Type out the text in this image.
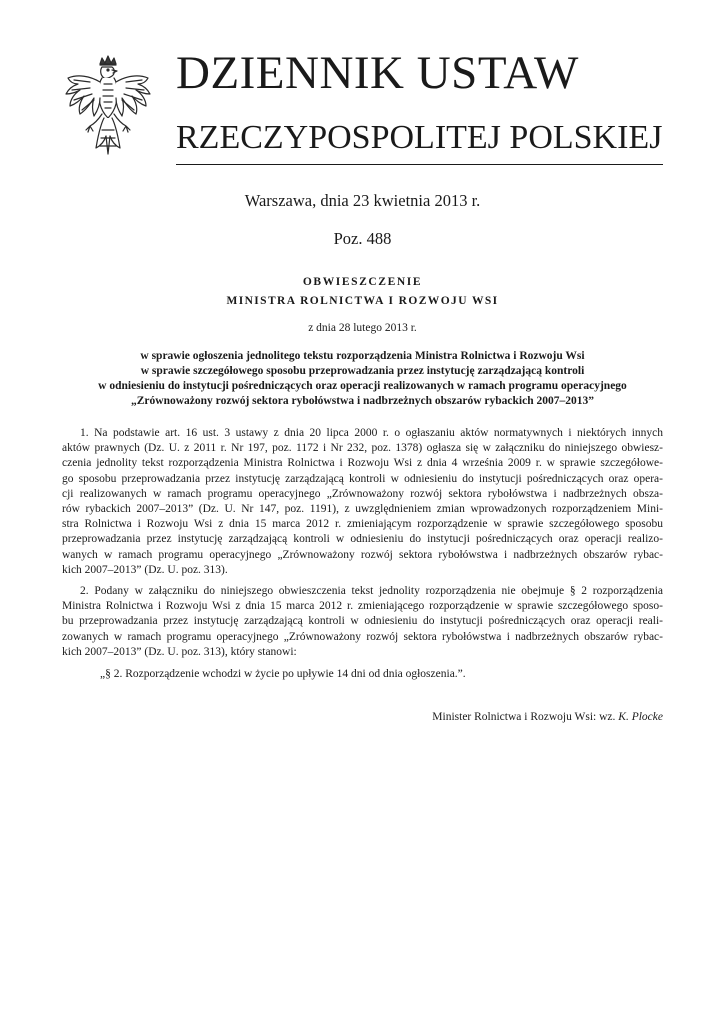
DZIENNIK USTAW
RZECZYPOSPOLITEJ POLSKIEJ
Warszawa, dnia 23 kwietnia 2013 r.
Poz. 488
OBWIESZCZENIE
MINISTRA ROLNICTWA I ROZWOJU WSI
z dnia 28 lutego 2013 r.
w sprawie ogłoszenia jednolitego tekstu rozporządzenia Ministra Rolnictwa i Rozwoju Wsi
w sprawie szczegółowego sposobu przeprowadzania przez instytucję zarządzającą kontroli
w odniesieniu do instytucji pośredniczących oraz operacji realizowanych w ramach programu operacyjnego
„Zrównoważony rozwój sektora rybołówstwa i nadbrzeżnych obszarów rybackich 2007–2013”
1. Na podstawie art. 16 ust. 3 ustawy z dnia 20 lipca 2000 r. o ogłaszaniu aktów normatywnych i niektórych innych
aktów prawnych (Dz. U. z 2011 r. Nr 197, poz. 1172 i Nr 232, poz. 1378) ogłasza się w załączniku do niniejszego obwiesz-
czenia jednolity tekst rozporządzenia Ministra Rolnictwa i Rozwoju Wsi z dnia 4 września 2009 r. w sprawie szczegółowe-
go sposobu przeprowadzania przez instytucję zarządzającą kontroli w odniesieniu do instytucji pośredniczących oraz opera-
cji realizowanych w ramach programu operacyjnego „Zrównoważony rozwój sektora rybołówstwa i nadbrzeżnych obsza-
rów rybackich 2007–2013” (Dz. U. Nr 147, poz. 1191), z uwzględnieniem zmian wprowadzonych rozporządzeniem Mini-
stra Rolnictwa i Rozwoju Wsi z dnia 15 marca 2012 r. zmieniającym rozporządzenie w sprawie szczegółowego sposobu
przeprowadzania przez instytucję zarządzającą kontroli w odniesieniu do instytucji pośredniczących oraz operacji realizo-
wanych w ramach programu operacyjnego „Zrównoważony rozwój sektora rybołówstwa i nadbrzeżnych obszarów rybac-
kich 2007–2013” (Dz. U. poz. 313).
2. Podany w załączniku do niniejszego obwieszczenia tekst jednolity rozporządzenia nie obejmuje § 2 rozporządzenia
Ministra Rolnictwa i Rozwoju Wsi z dnia 15 marca 2012 r. zmieniającego rozporządzenie w sprawie szczegółowego sposo-
bu przeprowadzania przez instytucję zarządzającą kontroli w odniesieniu do instytucji pośredniczących oraz operacji reali-
zowanych w ramach programu operacyjnego „Zrównoważony rozwój sektora rybołówstwa i nadbrzeżnych obszarów rybac-
kich 2007–2013” (Dz. U. poz. 313), który stanowi:
„§ 2. Rozporządzenie wchodzi w życie po upływie 14 dni od dnia ogłoszenia.”.
Minister Rolnictwa i Rozwoju Wsi: wz. K. Plocke
